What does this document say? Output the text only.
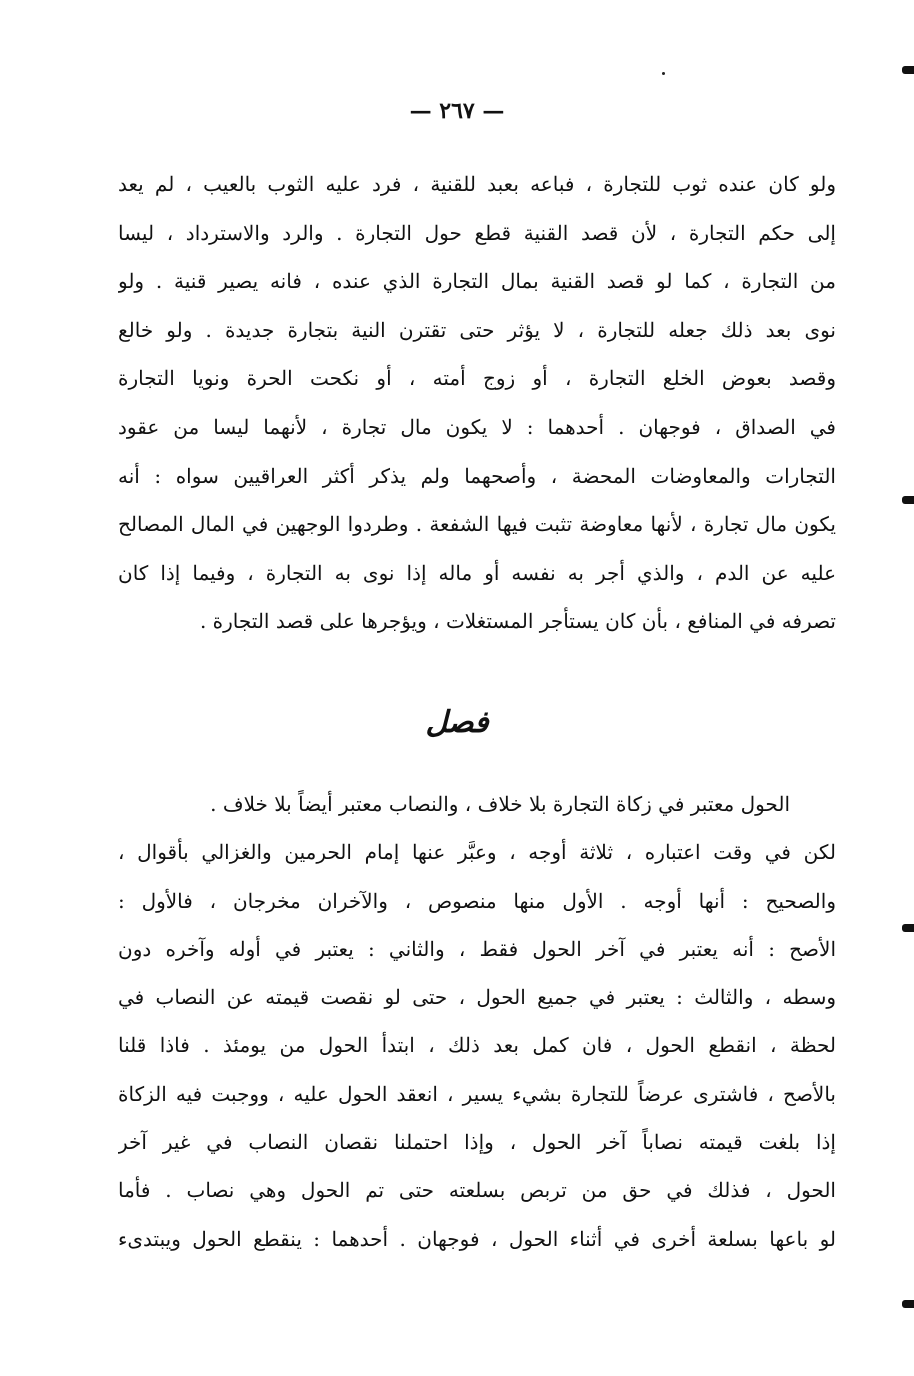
— ٢٦٧ —
ولو كان عنده ثوب للتجارة ، فباعه بعبد للقنية ، فرد عليه الثوب بالعيب ، لم يعد
إلى حكم التجارة ، لأن قصد القنية قطع حول التجارة . والرد والاسترداد ، ليسا
من التجارة ، كما لو قصد القنية بمال التجارة الذي عنده ، فانه يصير قنية . ولو
نوى بعد ذلك جعله للتجارة ، لا يؤثر حتى تقترن النية بتجارة جديدة . ولو خالع
وقصد بعوض الخلع التجارة ، أو زوج أمته ، أو نكحت الحرة ونويا التجارة
في الصداق ، فوجهان . أحدهما : لا يكون مال تجارة ، لأنهما ليسا من عقود
التجارات والمعاوضات المحضة ، وأصحهما ولم يذكر أكثر العراقيين سواه : أنه
يكون مال تجارة ، لأنها معاوضة تثبت فيها الشفعة . وطردوا الوجهين في المال المصالح
عليه عن الدم ، والذي أجر به نفسه أو ماله إذا نوى به التجارة ، وفيما إذا كان
تصرفه في المنافع ، بأن كان يستأجر المستغلات ، ويؤجرها على قصد التجارة .
فصل
الحول معتبر في زكاة التجارة بلا خلاف ، والنصاب معتبر أيضاً بلا خلاف .
لكن في وقت اعتباره ، ثلاثة أوجه ، وعبَّر عنها إمام الحرمين والغزالي بأقوال ،
والصحيح : أنها أوجه . الأول منها منصوص ، والآخران مخرجان ، فالأول :
الأصح : أنه يعتبر في آخر الحول فقط ، والثاني : يعتبر في أوله وآخره دون
وسطه ، والثالث : يعتبر في جميع الحول ، حتى لو نقصت قيمته عن النصاب في
لحظة ، انقطع الحول ، فان كمل بعد ذلك ، ابتدأ الحول من يومئذ . فاذا قلنا
بالأصح ، فاشترى عرضاً للتجارة بشيء يسير ، انعقد الحول عليه ، ووجبت فيه الزكاة
إذا بلغت قيمته نصاباً آخر الحول ، وإذا احتملنا نقصان النصاب في غير آخر
الحول ، فذلك في حق من تربص بسلعته حتى تم الحول وهي نصاب . فأما
لو باعها بسلعة أخرى في أثناء الحول ، فوجهان . أحدهما : ينقطع الحول ويبتدىء
